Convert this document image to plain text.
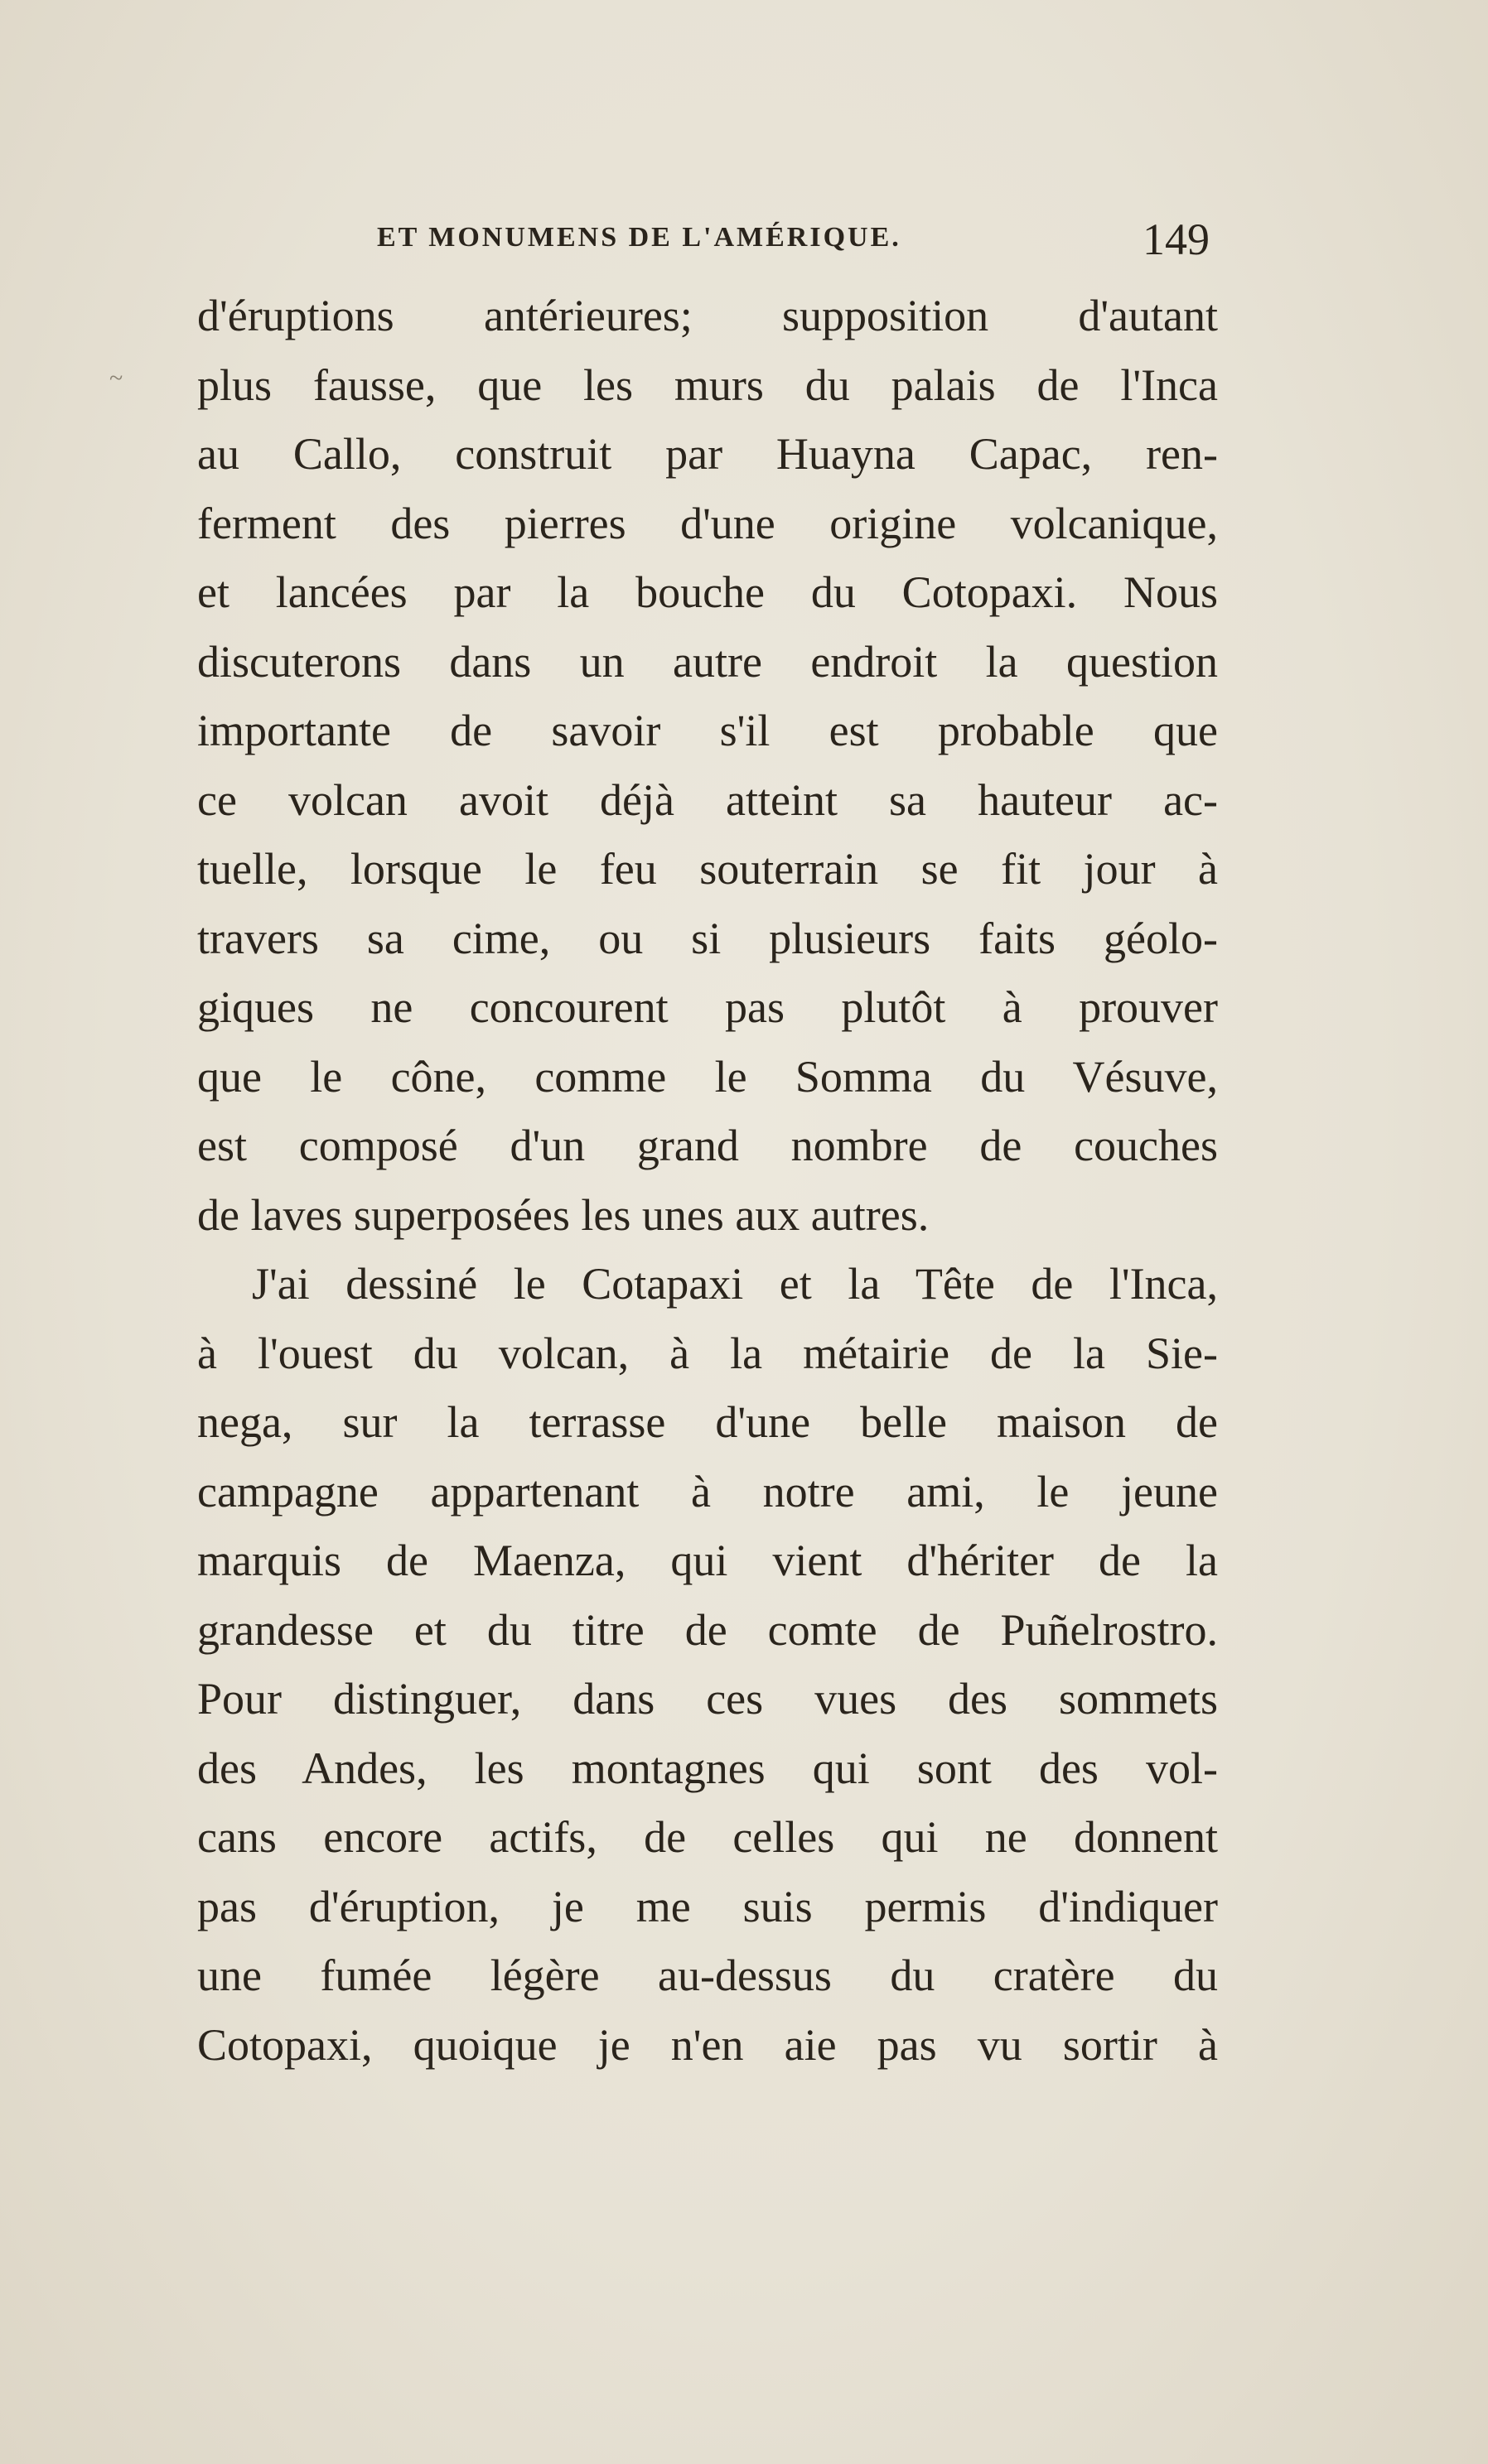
ET MONUMENS DE L'AMÉRIQUE.	149
~
d'éruptions antérieures; supposition d'autant
plus fausse, que les murs du palais de l'Inca
au Callo, construit par Huayna Capac, ren-
ferment des pierres d'une origine volcanique,
et lancées par la bouche du Cotopaxi. Nous
discuterons dans un autre endroit la question
importante de savoir s'il est probable que
ce volcan avoit déjà atteint sa hauteur ac-
tuelle, lorsque le feu souterrain se fit jour à
travers sa cime, ou si plusieurs faits géolo-
giques ne concourent pas plutôt à prouver
que le cône, comme le Somma du Vésuve,
est composé d'un grand nombre de couches
de laves superposées les unes aux autres.
J'ai dessiné le Cotapaxi et la Tête de l'Inca,
à l'ouest du volcan, à la métairie de la Sie-
nega, sur la terrasse d'une belle maison de
campagne appartenant à notre ami, le jeune
marquis de Maenza, qui vient d'hériter de la
grandesse et du titre de comte de Puñelrostro.
Pour distinguer, dans ces vues des sommets
des Andes, les montagnes qui sont des vol-
cans encore actifs, de celles qui ne donnent
pas d'éruption, je me suis permis d'indiquer
une fumée légère au-dessus du cratère du
Cotopaxi, quoique je n'en aie pas vu sortir à
